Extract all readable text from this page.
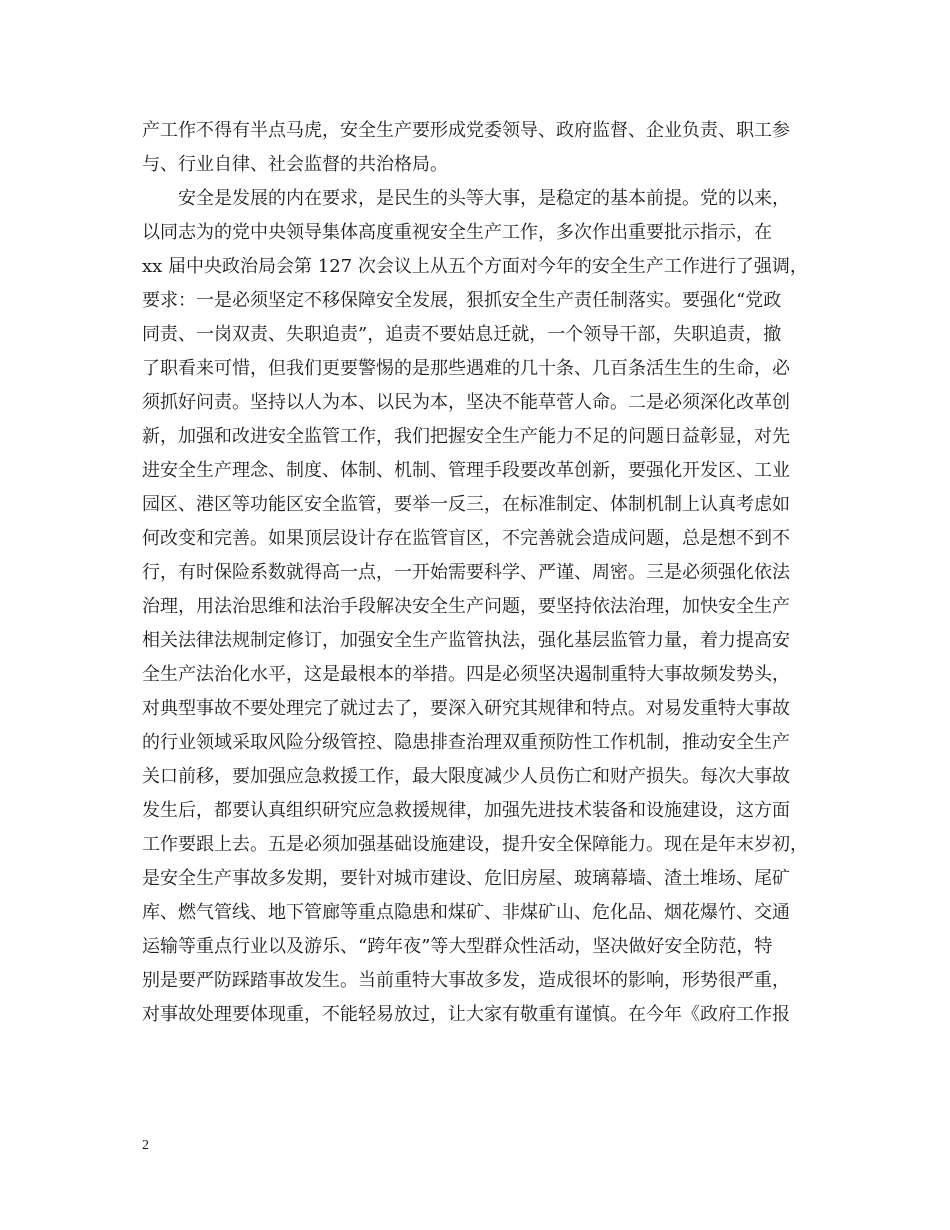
产工作不得有半点马虎，安全生产要形成党委领导、政府监督、企业负责、职工参
与、行业自律、社会监督的共治格局。
　　安全是发展的内在要求，是民生的头等大事，是稳定的基本前提。党的以来，
以同志为的党中央领导集体高度重视安全生产工作，多次作出重要批示指示，在
xx 届中央政治局会第 127 次会议上从五个方面对今年的安全生产工作进行了强调，
要求：一是必须坚定不移保障安全发展，狠抓安全生产责任制落实。要强化“党政
同责、一岗双责、失职追责”，追责不要姑息迁就，一个领导干部，失职追责，撤
了职看来可惜，但我们更要警惕的是那些遇难的几十条、几百条活生生的生命，必
须抓好问责。坚持以人为本、以民为本，坚决不能草菅人命。二是必须深化改革创
新，加强和改进安全监管工作，我们把握安全生产能力不足的问题日益彰显，对先
进安全生产理念、制度、体制、机制、管理手段要改革创新，要强化开发区、工业
园区、港区等功能区安全监管，要举一反三，在标准制定、体制机制上认真考虑如
何改变和完善。如果顶层设计存在监管盲区，不完善就会造成问题，总是想不到不
行，有时保险系数就得高一点，一开始需要科学、严谨、周密。三是必须强化依法
治理，用法治思维和法治手段解决安全生产问题，要坚持依法治理，加快安全生产
相关法律法规制定修订，加强安全生产监管执法，强化基层监管力量，着力提高安
全生产法治化水平，这是最根本的举措。四是必须坚决遏制重特大事故频发势头，
对典型事故不要处理完了就过去了，要深入研究其规律和特点。对易发重特大事故
的行业领域采取风险分级管控、隐患排查治理双重预防性工作机制，推动安全生产
关口前移，要加强应急救援工作，最大限度减少人员伤亡和财产损失。每次大事故
发生后，都要认真组织研究应急救援规律，加强先进技术装备和设施建设，这方面
工作要跟上去。五是必须加强基础设施建设，提升安全保障能力。现在是年末岁初，
是安全生产事故多发期，要针对城市建设、危旧房屋、玻璃幕墙、渣土堆场、尾矿
库、燃气管线、地下管廊等重点隐患和煤矿、非煤矿山、危化品、烟花爆竹、交通
运输等重点行业以及游乐、“跨年夜”等大型群众性活动，坚决做好安全防范，特
别是要严防踩踏事故发生。当前重特大事故多发，造成很坏的影响，形势很严重，
对事故处理要体现重，不能轻易放过，让大家有敬重有谨慎。在今年《政府工作报
2
